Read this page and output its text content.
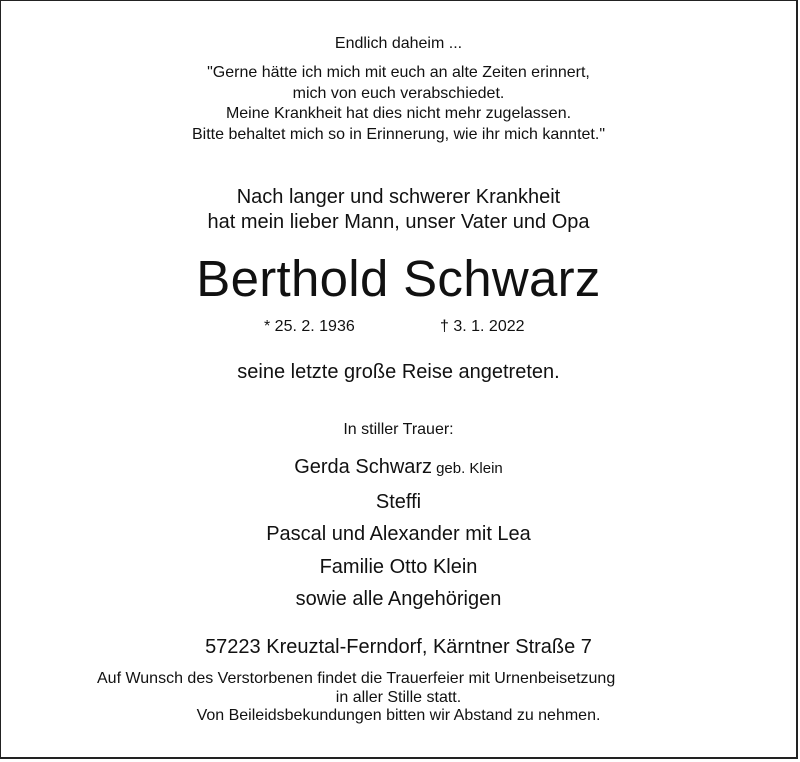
Endlich daheim ...
"Gerne hätte ich mich mit euch an alte Zeiten erinnert,
mich von euch verabschiedet.
Meine Krankheit hat dies nicht mehr zugelassen.
Bitte behaltet mich so in Erinnerung, wie ihr mich kanntet."
Nach langer und schwerer Krankheit
hat mein lieber Mann, unser Vater und Opa
Berthold Schwarz
* 25. 2. 1936	† 3. 1. 2022
seine letzte große Reise angetreten.
In stiller Trauer:
Gerda Schwarz geb. Klein
Steffi
Pascal und Alexander mit Lea
Familie Otto Klein
sowie alle Angehörigen
57223 Kreuztal-Ferndorf, Kärntner Straße 7
Auf Wunsch des Verstorbenen findet die Trauerfeier mit Urnenbeisetzung
in aller Stille statt.
Von Beileidsbekundungen bitten wir Abstand zu nehmen.
